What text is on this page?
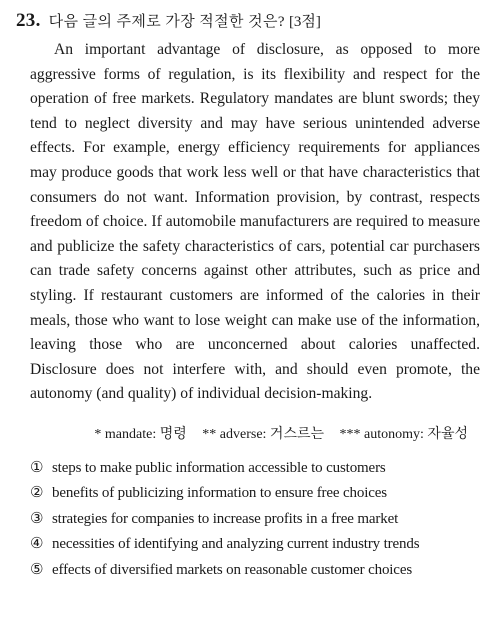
23. 다음 글의 주제로 가장 적절한 것은? [3점]

An important advantage of disclosure, as opposed to more aggressive forms of regulation, is its flexibility and respect for the operation of free markets. Regulatory mandates are blunt swords; they tend to neglect diversity and may have serious unintended adverse effects. For example, energy efficiency requirements for appliances may produce goods that work less well or that have characteristics that consumers do not want. Information provision, by contrast, respects freedom of choice. If automobile manufacturers are required to measure and publicize the safety characteristics of cars, potential car purchasers can trade safety concerns against other attributes, such as price and styling. If restaurant customers are informed of the calories in their meals, those who want to lose weight can make use of the information, leaving those who are unconcerned about calories unaffected. Disclosure does not interfere with, and should even promote, the autonomy (and quality) of individual decision-making.

* mandate: 명령 ** adverse: 거스르는 *** autonomy: 자율성
① steps to make public information accessible to customers
② benefits of publicizing information to ensure free choices
③ strategies for companies to increase profits in a free market
④ necessities of identifying and analyzing current industry trends
⑤ effects of diversified markets on reasonable customer choices
